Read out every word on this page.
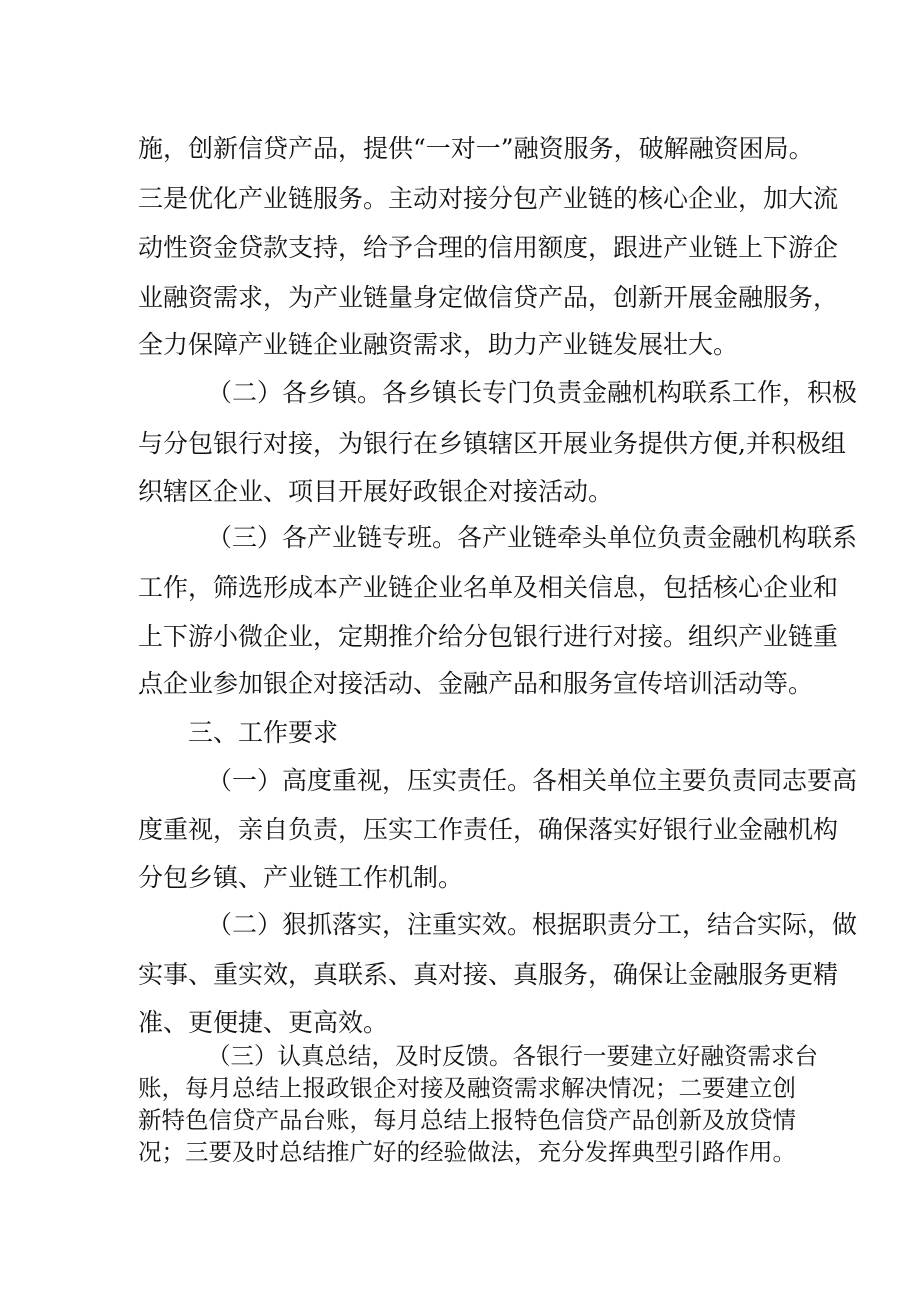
施，创新信贷产品，提供“一对一”融资服务，破解融资困局。
三是优化产业链服务。主动对接分包产业链的核心企业，加大流
动性资金贷款支持，给予合理的信用额度，跟进产业链上下游企
业融资需求，为产业链量身定做信贷产品，创新开展金融服务，
全力保障产业链企业融资需求，助力产业链发展壮大。
（二）各乡镇。各乡镇长专门负责金融机构联系工作，积极
与分包银行对接，为银行在乡镇辖区开展业务提供方便,并积极组
织辖区企业、项目开展好政银企对接活动。
（三）各产业链专班。各产业链牵头单位负责金融机构联系
工作，筛选形成本产业链企业名单及相关信息，包括核心企业和
上下游小微企业，定期推介给分包银行进行对接。组织产业链重
点企业参加银企对接活动、金融产品和服务宣传培训活动等。
三、工作要求
（一）高度重视，压实责任。各相关单位主要负责同志要高
度重视，亲自负责，压实工作责任，确保落实好银行业金融机构
分包乡镇、产业链工作机制。
（二）狠抓落实，注重实效。根据职责分工，结合实际，做
实事、重实效，真联系、真对接、真服务，确保让金融服务更精
准、更便捷、更高效。
（三）认真总结，及时反馈。各银行一要建立好融资需求台
账，每月总结上报政银企对接及融资需求解决情况；二要建立创
新特色信贷产品台账，每月总结上报特色信贷产品创新及放贷情
况；三要及时总结推广好的经验做法，充分发挥典型引路作用。
